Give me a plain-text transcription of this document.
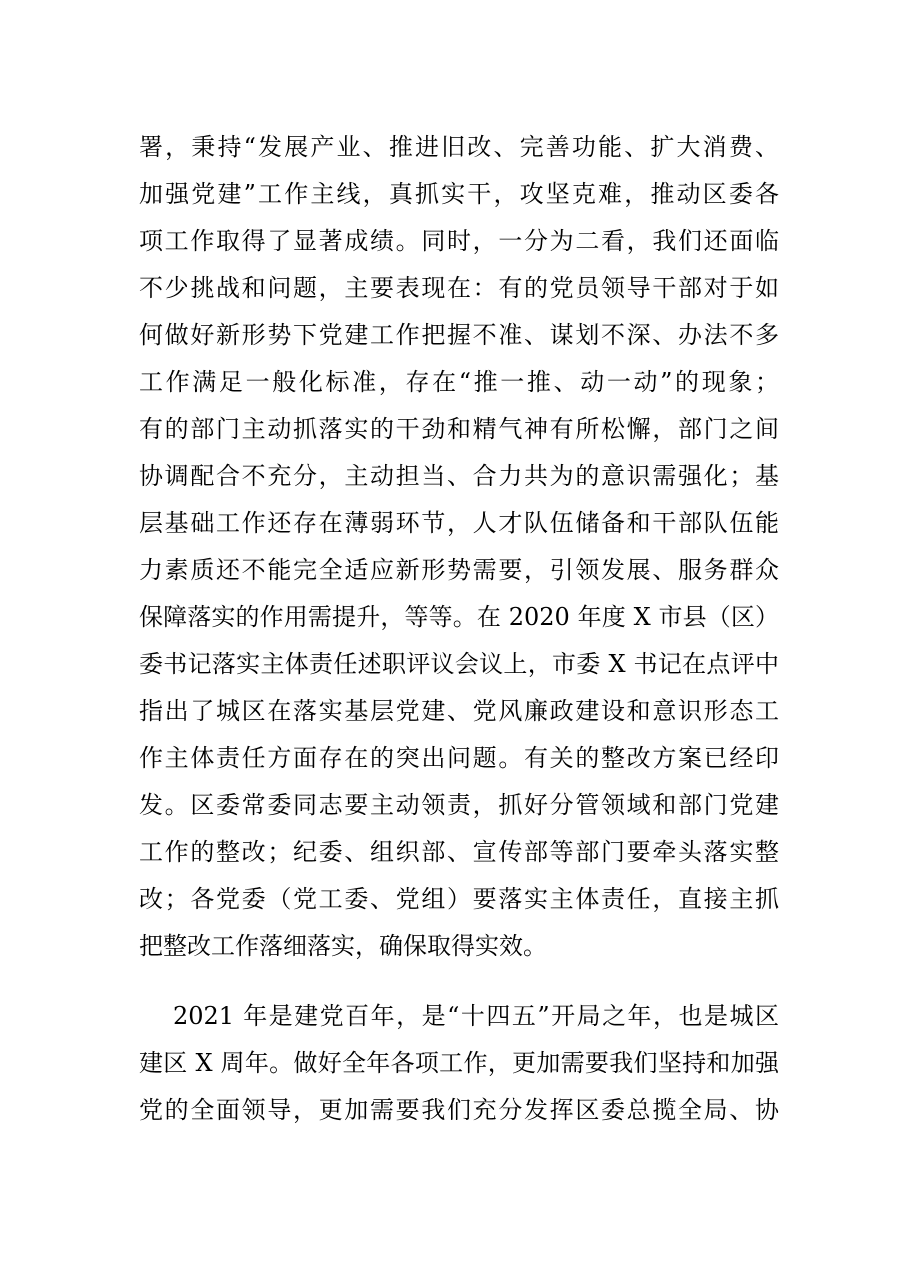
署，秉持“发展产业、推进旧改、完善功能、扩大消费、
加强党建”工作主线，真抓实干，攻坚克难，推动区委各
项工作取得了显著成绩。同时，一分为二看，我们还面临
不少挑战和问题，主要表现在：有的党员领导干部对于如
何做好新形势下党建工作把握不准、谋划不深、办法不多
工作满足一般化标准，存在“推一推、动一动”的现象；
有的部门主动抓落实的干劲和精气神有所松懈，部门之间
协调配合不充分，主动担当、合力共为的意识需强化；基
层基础工作还存在薄弱环节，人才队伍储备和干部队伍能
力素质还不能完全适应新形势需要，引领发展、服务群众
保障落实的作用需提升，等等。在 2020 年度 X 市县（区）
委书记落实主体责任述职评议会议上，市委 X 书记在点评中
指出了城区在落实基层党建、党风廉政建设和意识形态工
作主体责任方面存在的突出问题。有关的整改方案已经印
发。区委常委同志要主动领责，抓好分管领域和部门党建
工作的整改；纪委、组织部、宣传部等部门要牵头落实整
改；各党委（党工委、党组）要落实主体责任，直接主抓
把整改工作落细落实，确保取得实效。
2021 年是建党百年，是“十四五”开局之年，也是城区
建区 X 周年。做好全年各项工作，更加需要我们坚持和加强
党的全面领导，更加需要我们充分发挥区委总揽全局、协
